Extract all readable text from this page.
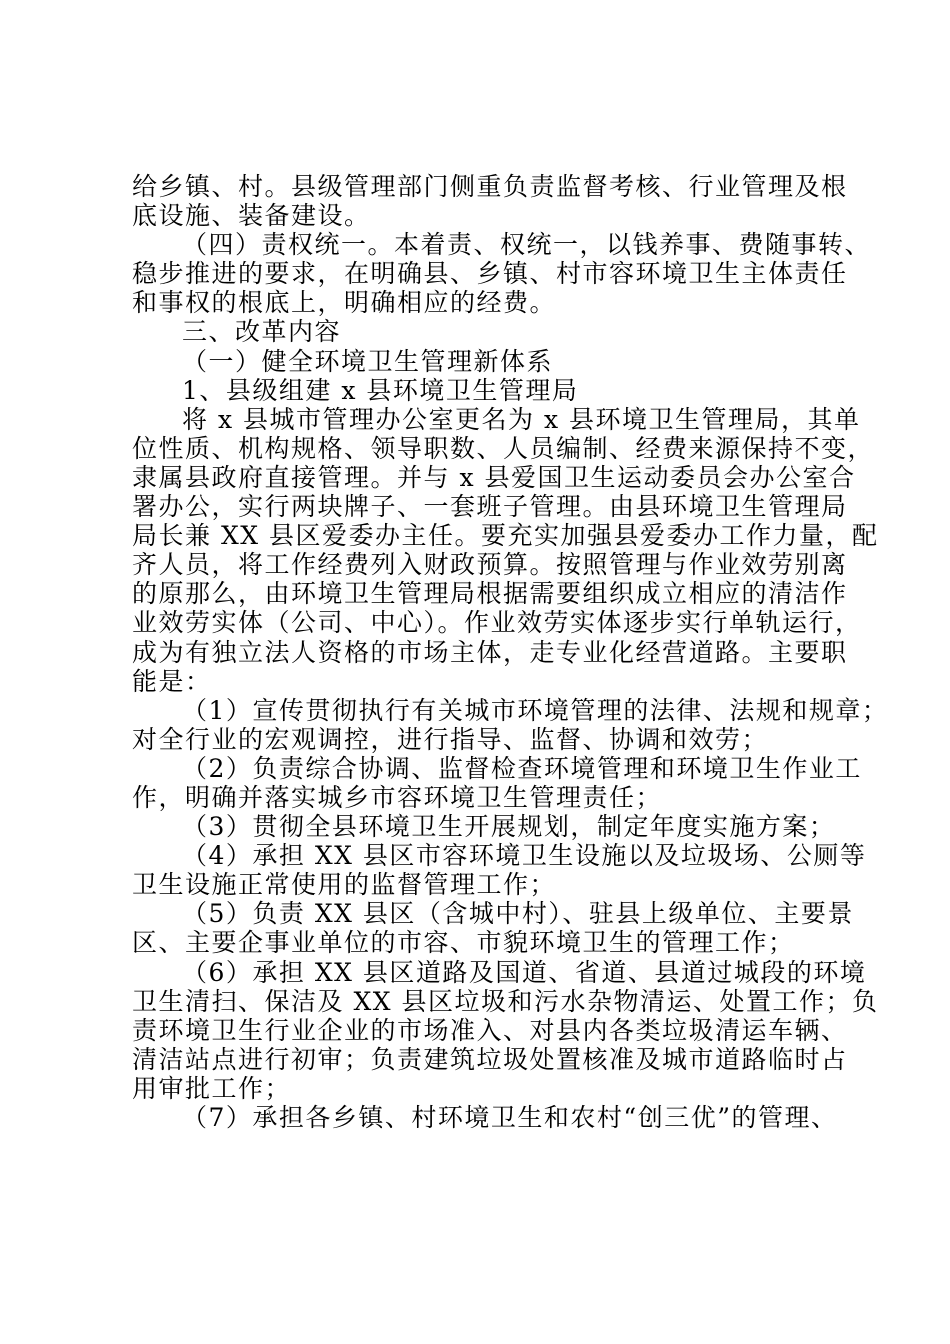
给乡镇、村。县级管理部门侧重负责监督考核、行业管理及根
底设施、装备建设。
（四）责权统一。本着责、权统一，以钱养事、费随事转、
稳步推进的要求，在明确县、乡镇、村市容环境卫生主体责任
和事权的根底上，明确相应的经费。
三、改革内容
（一）健全环境卫生管理新体系
1、县级组建 x 县环境卫生管理局
将 x 县城市管理办公室更名为 x 县环境卫生管理局，其单
位性质、机构规格、领导职数、人员编制、经费来源保持不变，
隶属县政府直接管理。并与 x 县爱国卫生运动委员会办公室合
署办公，实行两块牌子、一套班子管理。由县环境卫生管理局
局长兼 XX 县区爱委办主任。要充实加强县爱委办工作力量，配
齐人员，将工作经费列入财政预算。按照管理与作业效劳别离
的原那么，由环境卫生管理局根据需要组织成立相应的清洁作
业效劳实体（公司、中心）。作业效劳实体逐步实行单轨运行，
成为有独立法人资格的市场主体，走专业化经营道路。主要职
能是：
（1）宣传贯彻执行有关城市环境管理的法律、法规和规章；
对全行业的宏观调控，进行指导、监督、协调和效劳；
（2）负责综合协调、监督检查环境管理和环境卫生作业工
作，明确并落实城乡市容环境卫生管理责任；
（3）贯彻全县环境卫生开展规划，制定年度实施方案；
（4）承担 XX 县区市容环境卫生设施以及垃圾场、公厕等
卫生设施正常使用的监督管理工作；
（5）负责 XX 县区（含城中村）、驻县上级单位、主要景
区、主要企事业单位的市容、市貌环境卫生的管理工作；
（6）承担 XX 县区道路及国道、省道、县道过城段的环境
卫生清扫、保洁及 XX 县区垃圾和污水杂物清运、处置工作；负
责环境卫生行业企业的市场准入、对县内各类垃圾清运车辆、
清洁站点进行初审；负责建筑垃圾处置核准及城市道路临时占
用审批工作；
（7）承担各乡镇、村环境卫生和农村“创三优”的管理、
